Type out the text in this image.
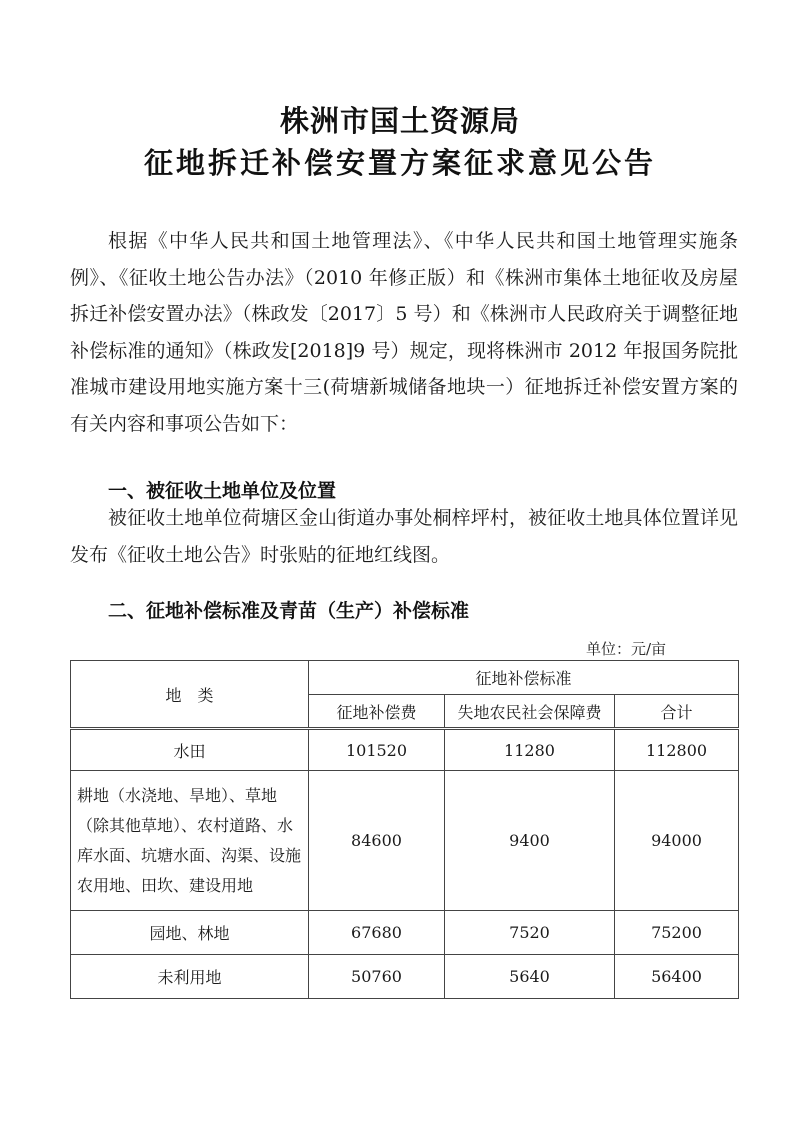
株洲市国土资源局
征地拆迁补偿安置方案征求意见公告

根据《中华人民共和国土地管理法》、《中华人民共和国土地管理实施条例》、《征收土地公告办法》（2010 年修正版）和《株洲市集体土地征收及房屋拆迁补偿安置办法》（株政发〔2017〕5 号）和《株洲市人民政府关于调整征地补偿标准的通知》（株政发[2018]9 号）规定，现将株洲市 2012 年报国务院批准城市建设用地实施方案十三(荷塘新城储备地块一）征地拆迁补偿安置方案的有关内容和事项公告如下：

一、被征收土地单位及位置

被征收土地单位荷塘区金山街道办事处桐梓坪村，被征收土地具体位置详见发布《征收土地公告》时张贴的征地红线图。

二、征地补偿标准及青苗（生产）补偿标准

单位：元/亩
地　类	征地补偿标准		
	征地补偿费	失地农民社会保障费	合计
水田	101520	11280	112800
耕地（水浇地、旱地）、草地（除其他草地）、农村道路、水库水面、坑塘水面、沟渠、设施农用地、田坎、建设用地	84600	9400	94000
园地、林地	67680	7520	75200
未利用地	50760	5640	56400
